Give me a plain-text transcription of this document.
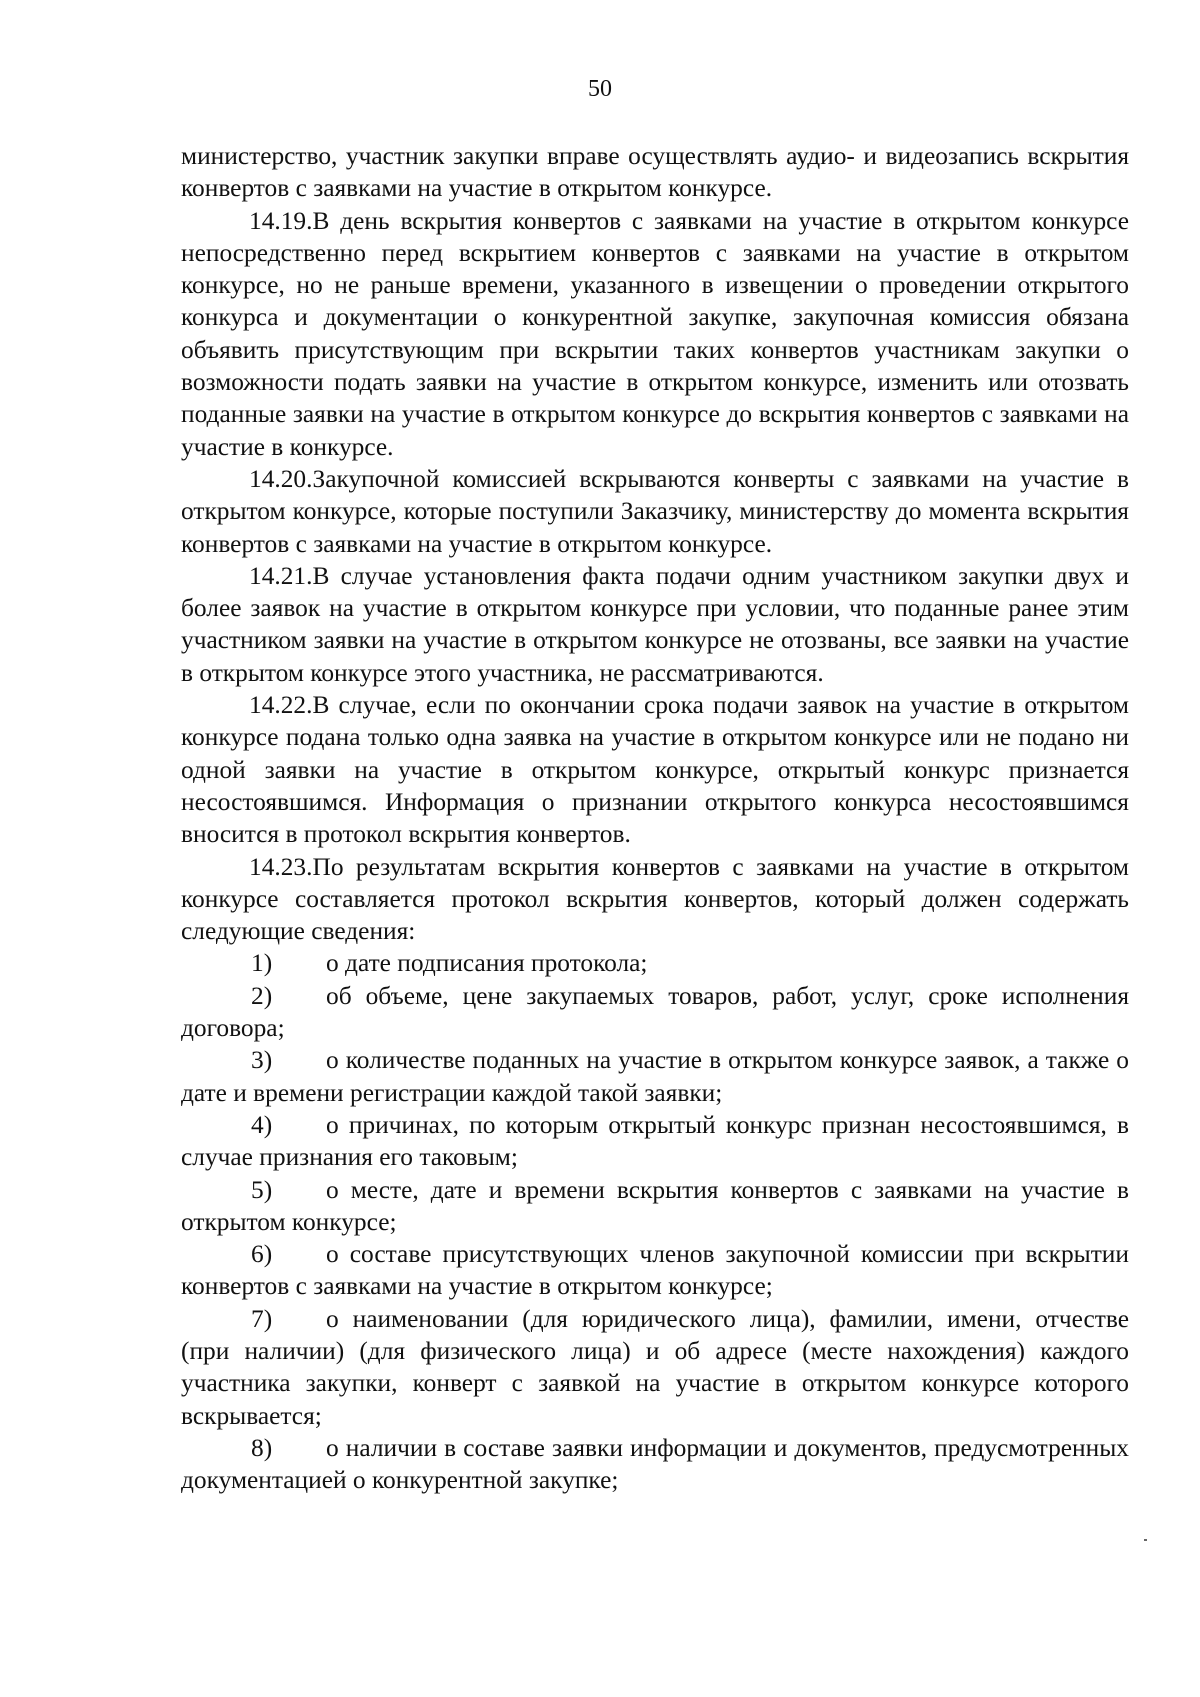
50

министерство, участник закупки вправе осуществлять аудио- и видеозапись вскрытия конвертов с заявками на участие в открытом конкурсе.

14.19.В день вскрытия конвертов с заявками на участие в открытом конкурсе непосредственно перед вскрытием конвертов с заявками на участие в открытом конкурсе, но не раньше времени, указанного в извещении о проведении открытого конкурса и документации о конкурентной закупке, закупочная комиссия обязана объявить присутствующим при вскрытии таких конвертов участникам закупки о возможности подать заявки на участие в открытом конкурсе, изменить или отозвать поданные заявки на участие в открытом конкурсе до вскрытия конвертов с заявками на участие в конкурсе.

14.20.Закупочной комиссией вскрываются конверты с заявками на участие в открытом конкурсе, которые поступили Заказчику, министерству до момента вскрытия конвертов с заявками на участие в открытом конкурсе.

14.21.В случае установления факта подачи одним участником закупки двух и более заявок на участие в открытом конкурсе при условии, что поданные ранее этим участником заявки на участие в открытом конкурсе не отозваны, все заявки на участие в открытом конкурсе этого участника, не рассматриваются.

14.22.В случае, если по окончании срока подачи заявок на участие в открытом конкурсе подана только одна заявка на участие в открытом конкурсе или не подано ни одной заявки на участие в открытом конкурсе, открытый конкурс признается несостоявшимся. Информация о признании открытого конкурса несостоявшимся вносится в протокол вскрытия конвертов.

14.23.По результатам вскрытия конвертов с заявками на участие в открытом конкурсе составляется протокол вскрытия конвертов, который должен содержать следующие сведения:

1) о дате подписания протокола;
2) об объеме, цене закупаемых товаров, работ, услуг, сроке исполнения договора;
3) о количестве поданных на участие в открытом конкурсе заявок, а также о дате и времени регистрации каждой такой заявки;
4) о причинах, по которым открытый конкурс признан несостоявшимся, в случае признания его таковым;
5) о месте, дате и времени вскрытия конвертов с заявками на участие в открытом конкурсе;
6) о составе присутствующих членов закупочной комиссии при вскрытии конвертов с заявками на участие в открытом конкурсе;
7) о наименовании (для юридического лица), фамилии, имени, отчестве (при наличии) (для физического лица) и об адресе (месте нахождения) каждого участника закупки, конверт с заявкой на участие в открытом конкурсе которого вскрывается;
8) о наличии в составе заявки информации и документов, предусмотренных документацией о конкурентной закупке;
